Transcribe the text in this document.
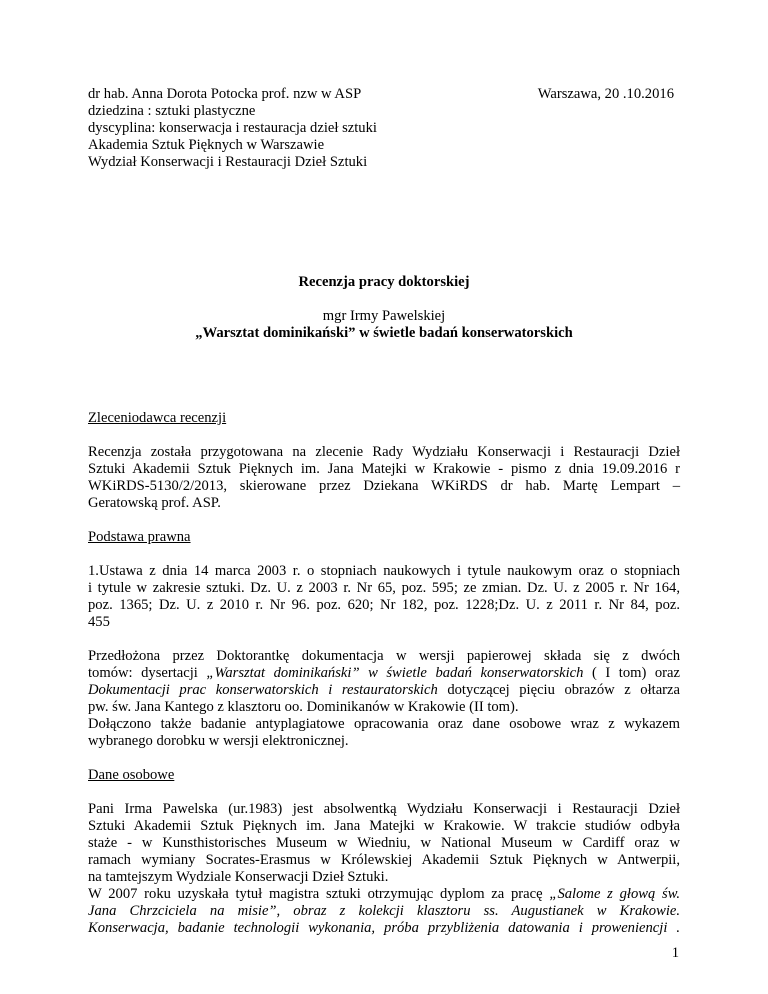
dr hab. Anna Dorota Potocka prof. nzw w ASP
dziedzina : sztuki plastyczne
dyscyplina: konserwacja i restauracja dzieł sztuki
Akademia Sztuk Pięknych w Warszawie
Wydział Konserwacji i Restauracji Dzieł Sztuki
Warszawa, 20 .10.2016
Recenzja pracy doktorskiej
mgr Irmy Pawelskiej
„Warsztat dominikański” w świetle badań konserwatorskich
Zleceniodawca recenzji
Recenzja została przygotowana na zlecenie Rady Wydziału Konserwacji i Restauracji Dzieł
Sztuki Akademii Sztuk Pięknych im. Jana Matejki w Krakowie - pismo z dnia 19.09.2016 r
WKiRDS-5130/2/2013, skierowane przez Dziekana WKiRDS dr hab. Martę Lempart –
Geratowską prof. ASP.
Podstawa prawna
1.Ustawa z dnia 14 marca 2003 r. o stopniach naukowych i tytule naukowym oraz o stopniach
i tytule w zakresie sztuki. Dz. U. z 2003 r. Nr 65, poz. 595; ze zmian. Dz. U. z 2005 r. Nr 164,
poz. 1365; Dz. U. z 2010 r. Nr 96. poz. 620; Nr 182, poz. 1228;Dz. U. z 2011 r. Nr 84, poz.
455
Przedłożona przez Doktorantkę dokumentacja w wersji papierowej składa się z dwóch
tomów: dysertacji „Warsztat dominikański” w świetle badań konserwatorskich ( I tom) oraz
Dokumentacji prac konserwatorskich i restauratorskich dotyczącej pięciu obrazów z ołtarza
pw. św. Jana Kantego z klasztoru oo. Dominikanów w Krakowie (II tom).
Dołączono także badanie antyplagiatowe opracowania oraz dane osobowe wraz z wykazem
wybranego dorobku w wersji elektronicznej.
Dane osobowe
Pani Irma Pawelska (ur.1983) jest absolwentką Wydziału Konserwacji i Restauracji Dzieł
Sztuki Akademii Sztuk Pięknych im. Jana Matejki w Krakowie. W trakcie studiów odbyła
staże - w Kunsthistorisches Museum w Wiedniu, w National Museum w Cardiff oraz w
ramach wymiany Socrates-Erasmus w Królewskiej Akademii Sztuk Pięknych w Antwerpii,
na tamtejszym Wydziale Konserwacji Dzieł Sztuki.
W 2007 roku uzyskała tytuł magistra sztuki otrzymując dyplom za pracę „Salome z głową św.
Jana Chrzciciela na misie”, obraz z kolekcji klasztoru ss. Augustianek w Krakowie.
Konserwacja, badanie technologii wykonania, próba przybliżenia datowania i proweniencji .
1
